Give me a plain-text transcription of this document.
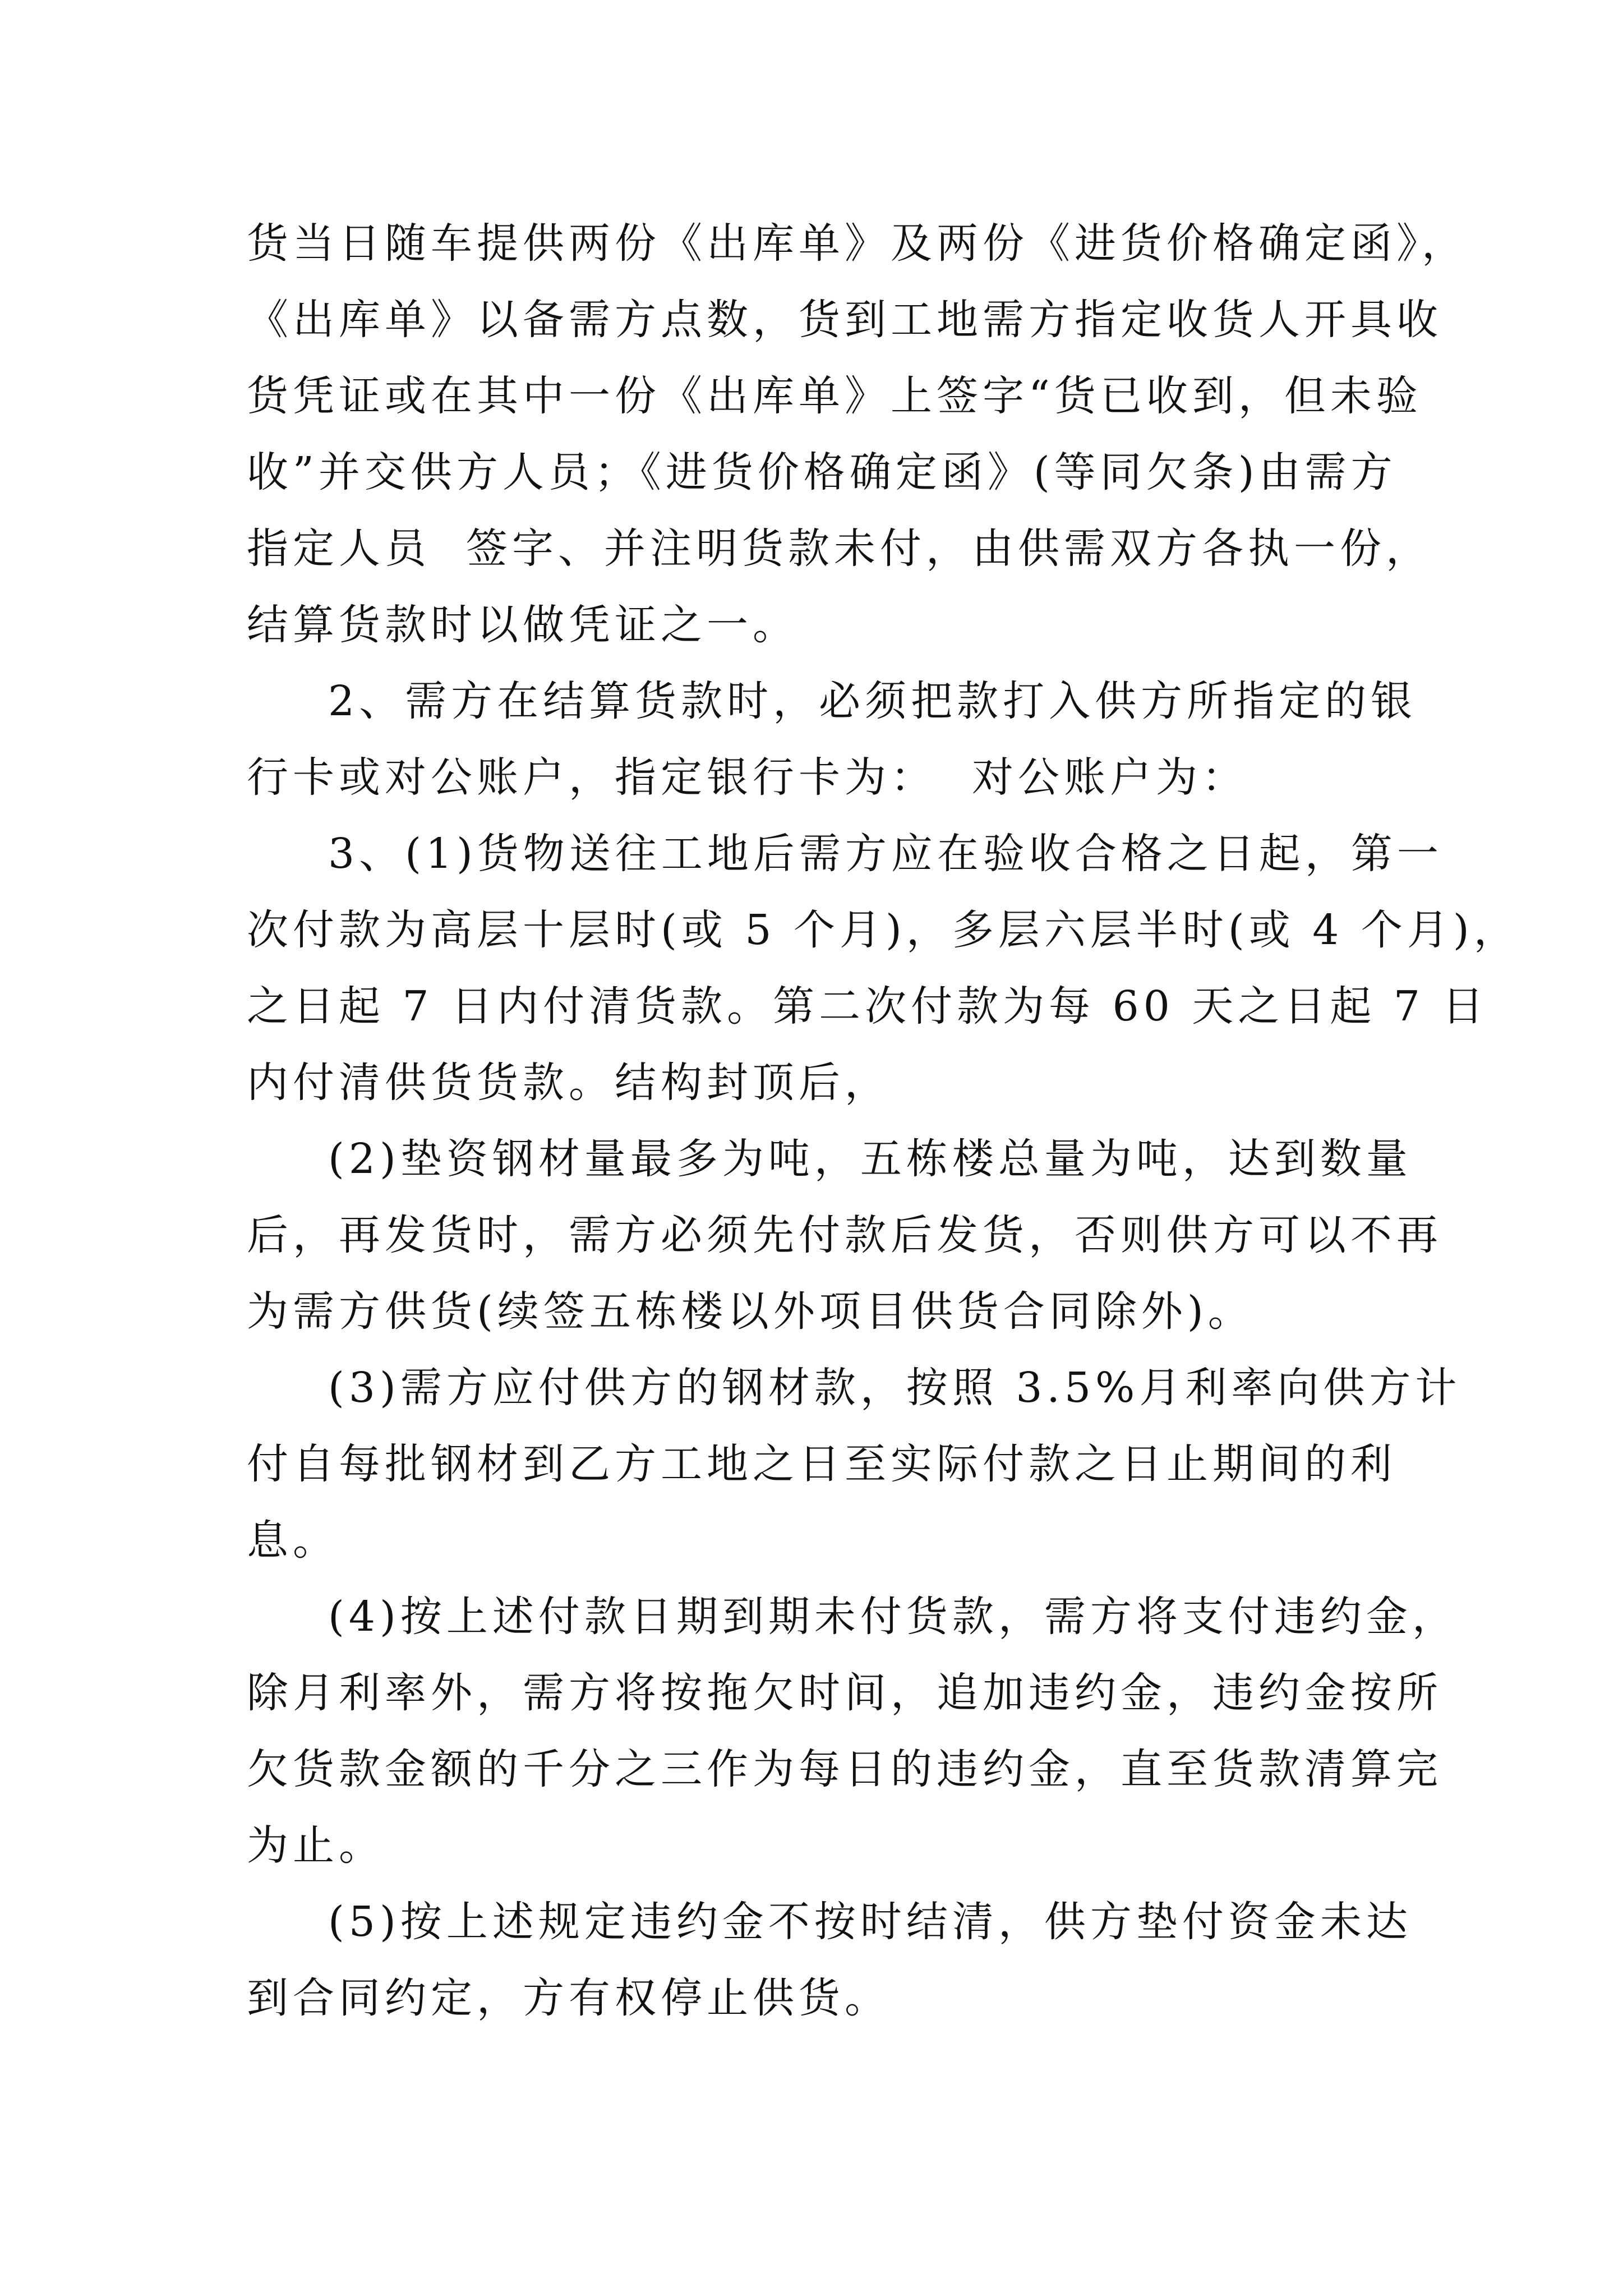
货当日随车提供两份《出库单》及两份《进货价格确定函》，
《出库单》以备需方点数，货到工地需方指定收货人开具收
货凭证或在其中一份《出库单》上签字“货已收到，但未验
收”并交供方人员；《进货价格确定函》(等同欠条)由需方
指定人员  签字、并注明货款未付，由供需双方各执一份，
结算货款时以做凭证之一。
2、需方在结算货款时，必须把款打入供方所指定的银
行卡或对公账户，指定银行卡为：  对公账户为：
3、(1)货物送往工地后需方应在验收合格之日起，第一
次付款为高层十层时(或 5 个月)，多层六层半时(或 4 个月)，
之日起 7 日内付清货款。第二次付款为每 60 天之日起 7 日
内付清供货货款。结构封顶后，
(2)垫资钢材量最多为吨，五栋楼总量为吨，达到数量
后，再发货时，需方必须先付款后发货，否则供方可以不再
为需方供货(续签五栋楼以外项目供货合同除外)。
(3)需方应付供方的钢材款，按照 3.5%月利率向供方计
付自每批钢材到乙方工地之日至实际付款之日止期间的利
息。
(4)按上述付款日期到期未付货款，需方将支付违约金，
除月利率外，需方将按拖欠时间，追加违约金，违约金按所
欠货款金额的千分之三作为每日的违约金，直至货款清算完
为止。
(5)按上述规定违约金不按时结清，供方垫付资金未达
到合同约定，方有权停止供货。
